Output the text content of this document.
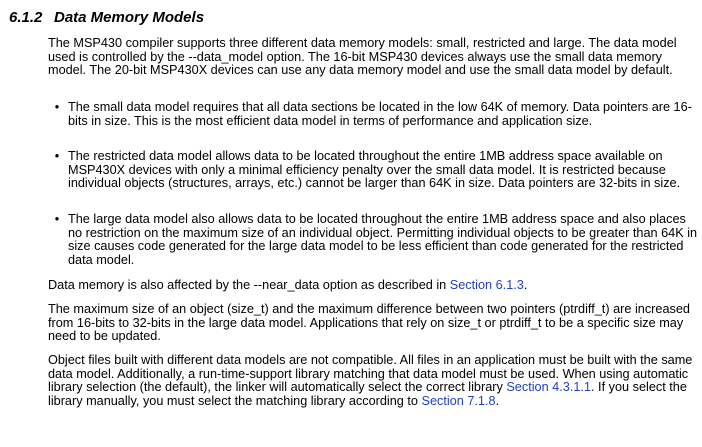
6.1.2 Data Memory Models

The MSP430 compiler supports three different data memory models: small, restricted and large. The data model used is controlled by the --data_model option. The 16-bit MSP430 devices always use the small data memory model. The 20-bit MSP430X devices can use any data memory model and use the small data model by default.

• The small data model requires that all data sections be located in the low 64K of memory. Data pointers are 16-bits in size. This is the most efficient data model in terms of performance and application size.
• The restricted data model allows data to be located throughout the entire 1MB address space available on MSP430X devices with only a minimal efficiency penalty over the small data model. It is restricted because individual objects (structures, arrays, etc.) cannot be larger than 64K in size. Data pointers are 32-bits in size.
• The large data model also allows data to be located throughout the entire 1MB address space and also places no restriction on the maximum size of an individual object. Permitting individual objects to be greater than 64K in size causes code generated for the large data model to be less efficient than code generated for the restricted data model.

Data memory is also affected by the --near_data option as described in Section 6.1.3.

The maximum size of an object (size_t) and the maximum difference between two pointers (ptrdiff_t) are increased from 16-bits to 32-bits in the large data model. Applications that rely on size_t or ptrdiff_t to be a specific size may need to be updated.

Object files built with different data models are not compatible. All files in an application must be built with the same data model. Additionally, a run-time-support library matching that data model must be used. When using automatic library selection (the default), the linker will automatically select the correct library Section 4.3.1.1. If you select the library manually, you must select the matching library according to Section 7.1.8.
